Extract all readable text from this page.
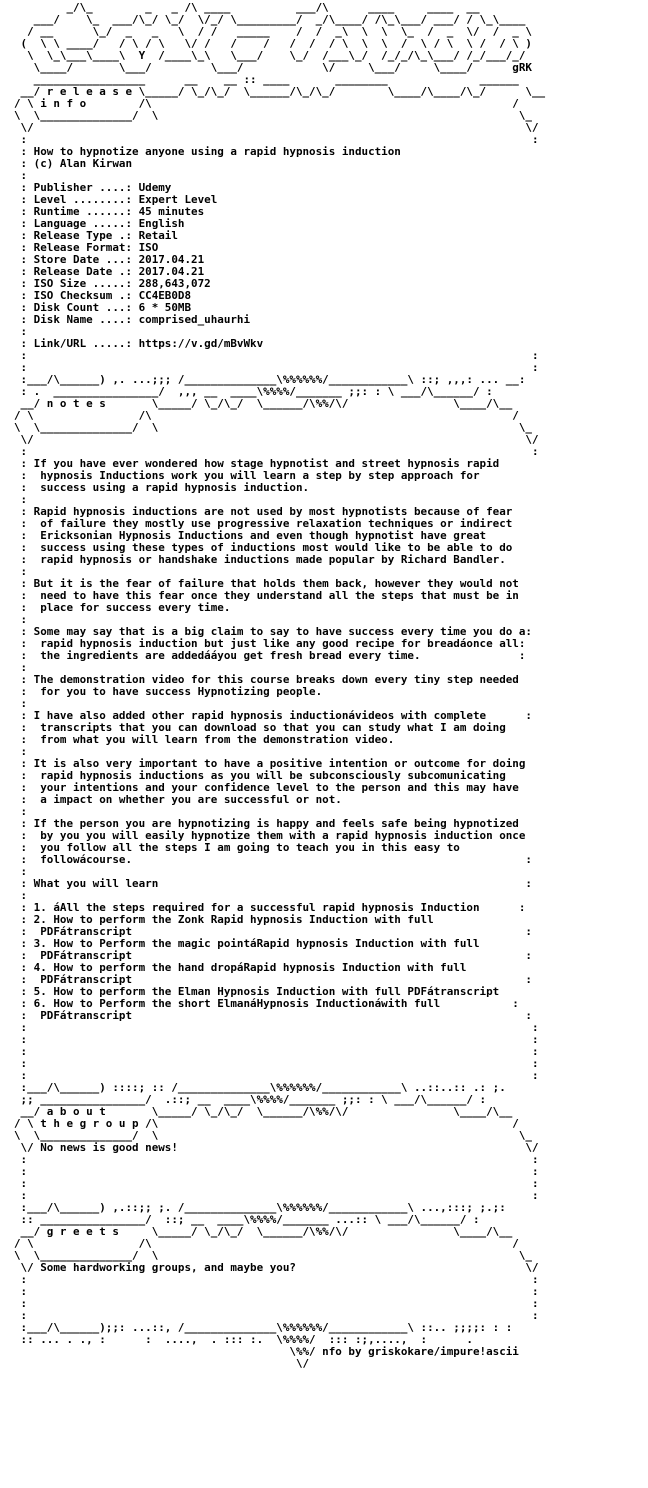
_/\_        _   _ /\ ____          ___/\      ____     ____  __
___/    \_  ___/\_/ \_/  \/_/ \_________/  _/\____/ /\_\___/ ___/ / \_\____
/ __      \_/  _   _   \  / /   _____    /  /  _\  \  \  \_  /  _  \/  /  _ \
(  \ \ ____/   / \ / \   \/ /   /    /   /  /  / \  \  \  /  \ / \  \ /  / \ )
\  \_\___\____\  Y  /____\_\   \___/    \_/  /___\_/  /_/_/\_\___/ /_/___/_/
\____/       \___/         \___/            \/     \___/     \____/      gRK
_________________      __    __ :: ____       ________              ______
__/ r e l e a s e \_____/ \_/\_/  \______/\_/\_/        \____/\____/\_/      \__
/ \ i n f o        /\                                                       /
\  \______________/  \                                                       \_
\/                                                                           \/
:                                                                             :
: How to hypnotize anyone using a rapid hypnosis induction
: (c) Alan Kirwan
:
: Publisher ....: Udemy
: Level ........: Expert Level
: Runtime ......: 45 minutes
: Language .....: English
: Release Type .: Retail
: Release Format: ISO
: Store Date ...: 2017.04.21
: Release Date .: 2017.04.21
: ISO Size .....: 288,643,072
: ISO Checksum .: CC4EB0D8
: Disk Count ...: 6 * 50MB
: Disk Name ....: comprised_uhaurhi
:
: Link/URL .....: https://v.gd/mBvWkv
:                                                                             :
:                                                                             :
:___/\______) ,. ...;;; /______________\%%%%%%/____________\ ::; ,,,: ... __:
: .  ________________/  ,,, __  ____\%%%%/_______ ;;: : \ ___/\______/ :
__/ n o t e s       \_____/ \_/\_/  \______/\%%/\/                \____/\__
/ \                /\                                                       /
\  \______________/  \                                                       \_
\/                                                                           \/
:                                                                             :
: If you have ever wondered how stage hypnotist and street hypnosis rapid
:  hypnosis Inductions work you will learn a step by step approach for
:  success using a rapid hypnosis induction.
:
: Rapid hypnosis inductions are not used by most hypnotists because of fear
:  of failure they mostly use progressive relaxation techniques or indirect
:  Ericksonian Hypnosis Inductions and even though hypnotist have great
:  success using these types of inductions most would like to be able to do
:  rapid hypnosis or handshake inductions made popular by Richard Bandler.
:
: But it is the fear of failure that holds them back, however they would not
:  need to have this fear once they understand all the steps that must be in
:  place for success every time.
:
: Some may say that is a big claim to say to have success every time you do a:
:  rapid hypnosis induction but just like any good recipe for breadáonce all:
:  the ingredients are addedááyou get fresh bread every time.               :
:
: The demonstration video for this course breaks down every tiny step needed
:  for you to have success Hypnotizing people.
:
: I have also added other rapid hypnosis inductionávideos with complete      :
:  transcripts that you can download so that you can study what I am doing
:  from what you will learn from the demonstration video.
:
: It is also very important to have a positive intention or outcome for doing
:  rapid hypnosis inductions as you will be subconsciously subcomunicating
:  your intentions and your confidence level to the person and this may have
:  a impact on whether you are successful or not.
:
: If the person you are hypnotizing is happy and feels safe being hypnotized
:  by you you will easily hypnotize them with a rapid hypnosis induction once
:  you follow all the steps I am going to teach you in this easy to
:  followácourse.                                                            :
:
: What you will learn                                                        :
:
: 1. áAll the steps required for a successful rapid hypnosis Induction      :
: 2. How to perform the Zonk Rapid hypnosis Induction with full
:  PDFátranscript                                                            :
: 3. How to Perform the magic pointáRapid hypnosis Induction with full
:  PDFátranscript                                                            :
: 4. How to perform the hand dropáRapid hypnosis Induction with full
:  PDFátranscript                                                            :
: 5. How to perform the Elman Hypnosis Induction with full PDFátranscript
: 6. How to Perform the short ElmanáHypnosis Inductionáwith full           :
:  PDFátranscript                                                            :
:                                                                             :
:                                                                             :
:                                                                             :
:                                                                             :
:                                                                             :
:___/\______) ::::; :: /______________\%%%%%%/____________\ ..::..:: .: ;.
;; ________________/  .::; __  ____\%%%%/_______ ;;: : \ ___/\______/ :
__/ a b o u t       \_____/ \_/\_/  \______/\%%/\/                \____/\__
/ \ t h e g r o u p /\                                                      /
\  \______________/  \                                                       \_
\/ No news is good news!                                                     \/
:                                                                             :
:                                                                             :
:                                                                             :
:                                                                             :
:___/\______) ,.::;; ;. /______________\%%%%%%/____________\ ...,:::; ;.;:
:: ________________/  ::; __  ____\%%%%/_______ ...:: \ ___/\______/ :
__/ g r e e t s     \_____/ \_/\_/  \______/\%%/\/                \____/\__
/ \                /\                                                       /
\  \______________/  \                                                       \_
\/ Some hardworking groups, and maybe you?                                   \/
:                                                                             :
:                                                                             :
:                                                                             :
:                                                                             :
:___/\______);;: ...::, /______________\%%%%%%/____________\ ::.. ;;;;: : :
:: ... . ., :      :  ....,  . ::: :.  \%%%%/  ::: :;,....,  :      .
\%%/ nfo by griskokare/impure!ascii
\/
